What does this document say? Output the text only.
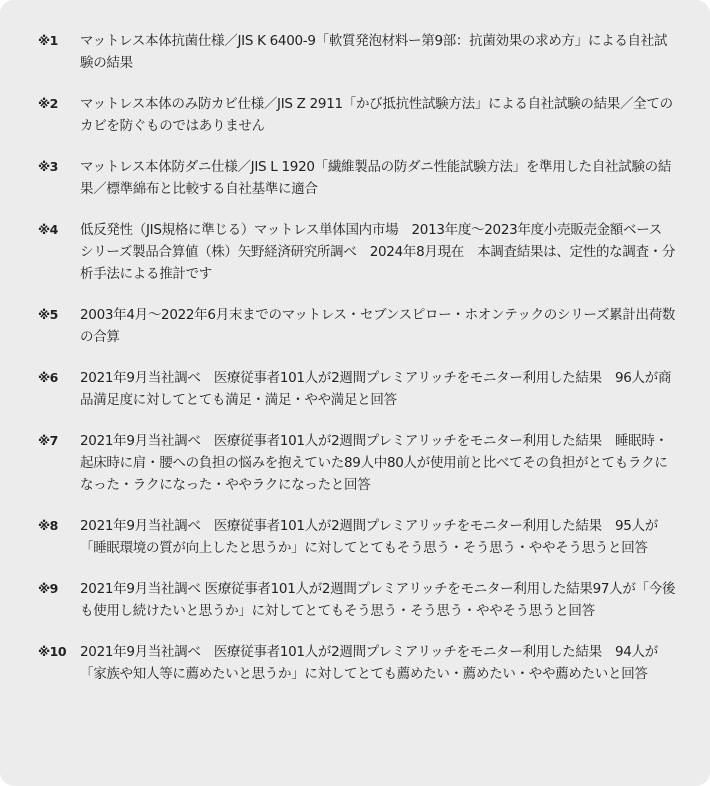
※1	マットレス本体抗菌仕様／JIS K 6400-9「軟質発泡材料ー第9部：抗菌効果の求め方」による自社試験の結果
※2	マットレス本体のみ防カビ仕様／JIS Z 2911「かび抵抗性試験方法」による自社試験の結果／全てのカビを防ぐものではありません
※3	マットレス本体防ダニ仕様／JIS L 1920「繊維製品の防ダニ性能試験方法」を準用した自社試験の結果／標準綿布と比較する自社基準に適合
※4	低反発性（JIS規格に準じる）マットレス単体国内市場　2013年度〜2023年度小売販売金額ベース　シリーズ製品合算値（株）矢野経済研究所調べ　2024年8月現在　本調査結果は、定性的な調査・分析手法による推計です
※5	2003年4月〜2022年6月末までのマットレス・セブンスピロー・ホオンテックのシリーズ累計出荷数の合算
※6	2021年9月当社調べ　医療従事者101人が2週間プレミアリッチをモニター利用した結果　96人が商品満足度に対してとても満足・満足・やや満足と回答
※7	2021年9月当社調べ　医療従事者101人が2週間プレミアリッチをモニター利用した結果　睡眠時・起床時に肩・腰への負担の悩みを抱えていた89人中80人が使用前と比べてその負担がとてもラクになった・ラクになった・ややラクになったと回答
※8	2021年9月当社調べ　医療従事者101人が2週間プレミアリッチをモニター利用した結果　95人が「睡眠環境の質が向上したと思うか」に対してとてもそう思う・そう思う・ややそう思うと回答
※9	2021年9月当社調べ 医療従事者101人が2週間プレミアリッチをモニター利用した結果97人が「今後も使用し続けたいと思うか」に対してとてもそう思う・そう思う・ややそう思うと回答
※10	2021年9月当社調べ　医療従事者101人が2週間プレミアリッチをモニター利用した結果　94人が「家族や知人等に薦めたいと思うか」に対してとても薦めたい・薦めたい・やや薦めたいと回答
